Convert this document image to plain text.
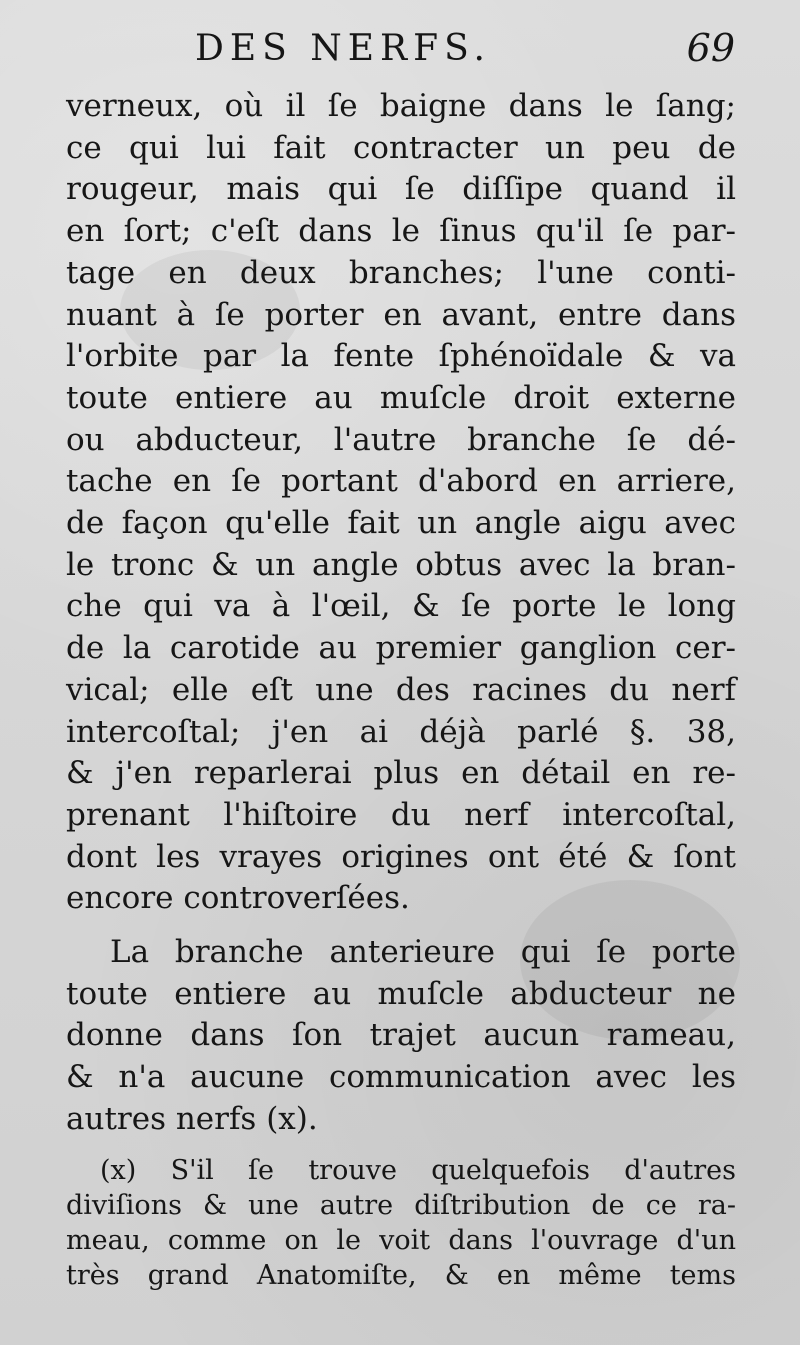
DES NERFS.	69
verneux, où il ſe baigne dans le ſang;
ce qui lui fait contracter un peu de
rougeur, mais qui ſe diſſipe quand il
en ſort; c'eſt dans le ſinus qu'il ſe par-
tage en deux branches; l'une conti-
nuant à ſe porter en avant, entre dans
l'orbite par la fente ſphénoïdale & va
toute entiere au muſcle droit externe
ou abducteur, l'autre branche ſe dé-
tache en ſe portant d'abord en arriere,
de façon qu'elle fait un angle aigu avec
le tronc & un angle obtus avec la bran-
che qui va à l'œil, & ſe porte le long
de la carotide au premier ganglion cer-
vical; elle eſt une des racines du nerf
intercoſtal; j'en ai déjà parlé §. 38,
& j'en reparlerai plus en détail en re-
prenant l'hiſtoire du nerf intercoſtal,
dont les vrayes origines ont été & ſont
encore controverſées.
La branche anterieure qui ſe porte
toute entiere au muſcle abducteur ne
donne dans ſon trajet aucun rameau,
& n'a aucune communication avec les
autres nerfs (x).
(x) S'il ſe trouve quelquefois d'autres
diviſions & une autre diſtribution de ce ra-
meau, comme on le voit dans l'ouvrage d'un
très grand Anatomiſte, & en même tems
